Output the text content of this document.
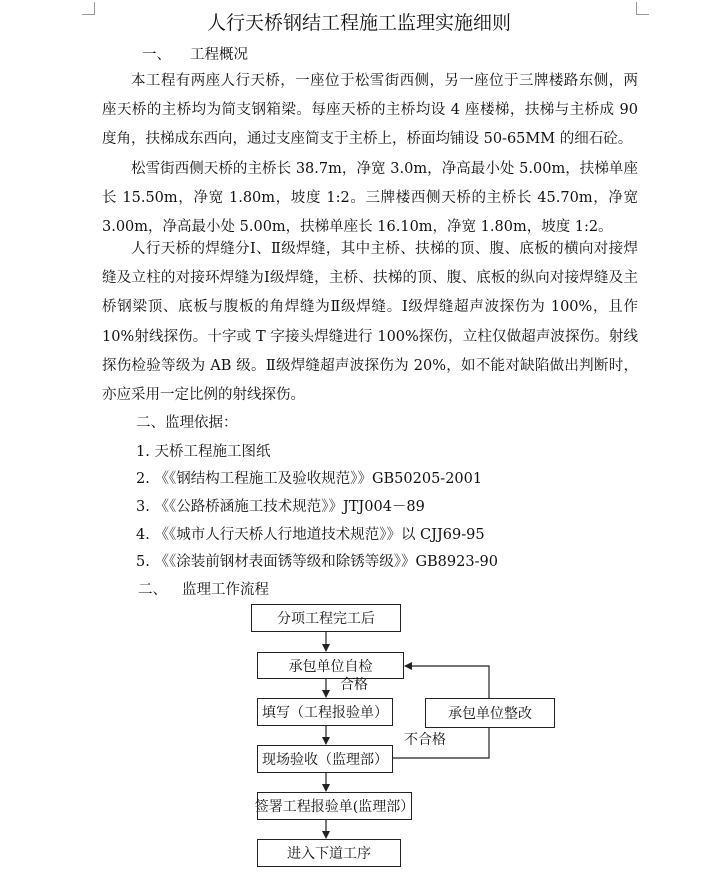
人行天桥钢结工程施工监理实施细则
一、 工程概况

本工程有两座人行天桥，一座位于松雪街西侧，另一座位于三牌楼路东侧，两座天桥的主桥均为简支钢箱梁。每座天桥的主桥均设 4 座楼梯，扶梯与主桥成 90 度角，扶梯成东西向，通过支座简支于主桥上，桥面均铺设 50-65MM 的细石砼。

松雪街西侧天桥的主桥长 38.7m，净宽 3.0m，净高最小处 5.00m，扶梯单座长 15.50m，净宽 1.80m，坡度 1:2。三牌楼西侧天桥的主桥长 45.70m，净宽 3.00m，净高最小处 5.00m，扶梯单座长 16.10m，净宽 1.80m，坡度 1:2。

人行天桥的焊缝分Ⅰ、Ⅱ级焊缝，其中主桥、扶梯的顶、腹、底板的横向对接焊缝及立柱的对接环焊缝为Ⅰ级焊缝，主桥、扶梯的顶、腹、底板的纵向对接焊缝及主桥钢梁顶、底板与腹板的角焊缝为Ⅱ级焊缝。Ⅰ级焊缝超声波探伤为 100%，且作 10%射线探伤。十字或 T 字接头焊缝进行 100%探伤，立柱仅做超声波探伤。射线探伤检验等级为 AB 级。Ⅱ级焊缝超声波探伤为 20%，如不能对缺陷做出判断时，亦应采用一定比例的射线探伤。

二、监理依据：
1. 天桥工程施工图纸
2. 《《钢结构工程施工及验收规范》》GB50205-2001
3. 《《公路桥涵施工技术规范》》JTJ004－89
4. 《《城市人行天桥人行地道技术规范》》以 CJJ69-95
5. 《《涂装前钢材表面锈等级和除锈等级》》GB8923-90
二、 监理工作流程
分项工程完工后
承包单位自检
填写（工程报验单）	承包单位整改
现场验收（监理部）
签署工程报验单(监理部）
进入下道工序
合格
不合格
